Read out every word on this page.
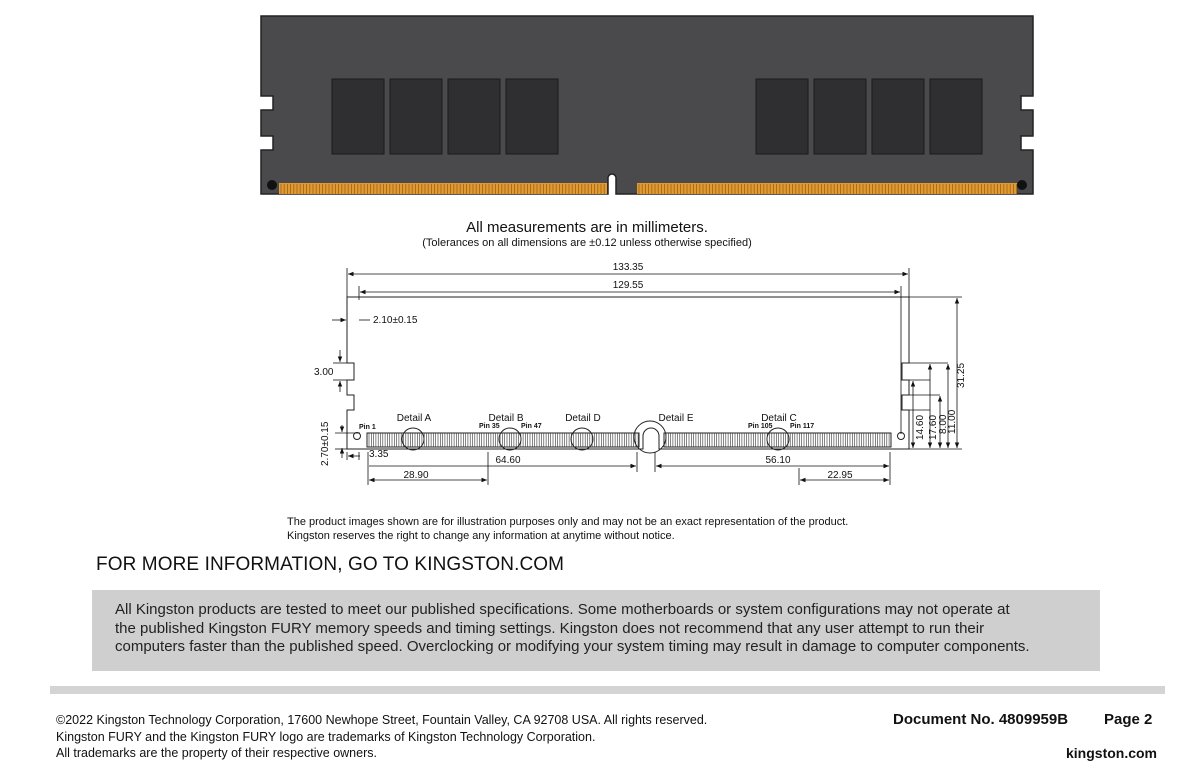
All measurements are in millimeters.
(Tolerances on all dimensions are ±0.12 unless otherwise specified)
133.35
129.55
2.10±0.15
3.00
2.70±0.15	3.35
28.90
64.60	56.10
22.95
14.60 17.60 8.00
11.00
31.25
Detail A	Detail B	Detail D	Detail E	Detail C
Pin 1	Pin 35	Pin 47	Pin 105 Pin 117
The product images shown are for illustration purposes only and may not be an exact representation of the product.
Kingston reserves the right to change any information at anytime without notice.
FOR MORE INFORMATION, GO TO KINGSTON.COM
All Kingston products are tested to meet our published specifications. Some motherboards or system configurations may not operate at
the published Kingston FURY memory speeds and timing settings. Kingston does not recommend that any user attempt to run their
computers faster than the published speed. Overclocking or modifying your system timing may result in damage to computer components.
©2022 Kingston Technology Corporation, 17600 Newhope Street, Fountain Valley, CA 92708 USA. All rights reserved.
Kingston FURY and the Kingston FURY logo are trademarks of Kingston Technology Corporation.
All trademarks are the property of their respective owners.
Document No. 4809959B Page 2
kingston.com
